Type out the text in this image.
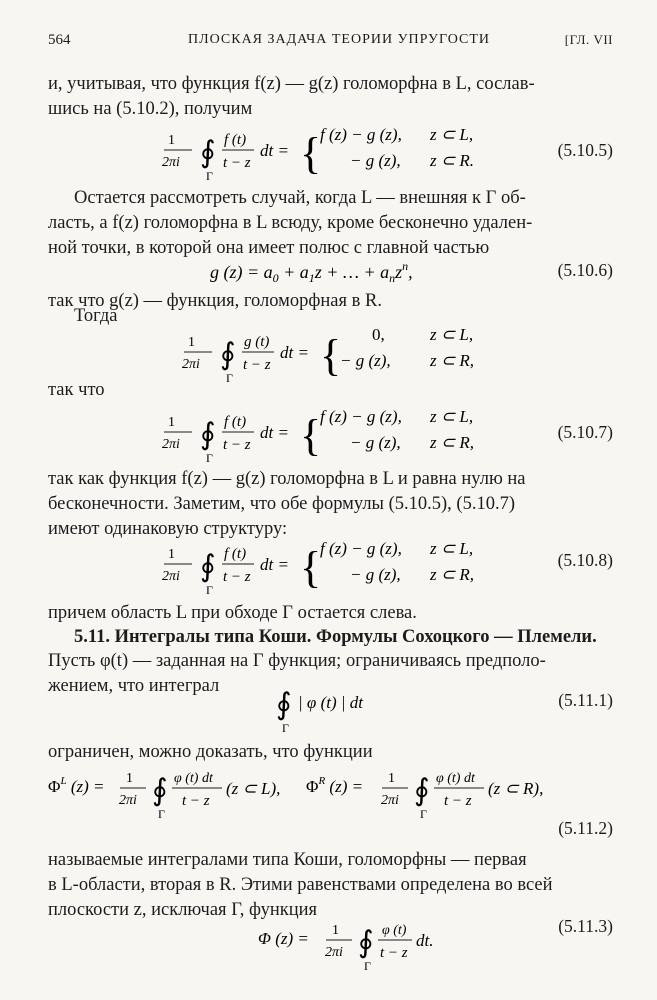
564	ПЛОСКАЯ ЗАДАЧА ТЕОРИИ УПРУГОСТИ	[ГЛ. VII
и, учитывая, что функция f(z) — g(z) голоморфна в L, сослав-
шись на (5.10.2), получим
1
2πi ∮
Γ
f (t)
t − z
dt = {
f (z) − g (z), z ⊂ L,
− g (z), z ⊂ R.
(5.10.5)
Остается рассмотреть случай, когда L — внешняя к Г об-
ласть, а f(z) голоморфна в L всюду, кроме бесконечно удален-
ной точки, в которой она имеет полюс с главной частью
g $(z) = a_0 + a_1z$ + … + $a_nz^n$,	(5.10.6)
так что g(z) — функция, голоморфная в R.
Тогда
1
2πi ∮
Γ
g (t)
t − z
dt = { 0,	z ⊂ L,
− g (z), z ⊂ R,
так что
1
2πi ∮
Γ
f (t)
t − z
dt = {
f (z) − g (z), z ⊂ L,
− g (z), z ⊂ R,
(5.10.7)
так как функция f(z) — g(z) голоморфна в L и равна нулю на
бесконечности. Заметим, что обе формулы (5.10.5), (5.10.7)
имеют одинаковую структуру:
1
2πi ∮
Γ
f (t)
t − z
dt = {
f (z) − g (z), z ⊂ L,
− g (z), z ⊂ R,
(5.10.8)
причем область L при обходе Г остается слева.
5.11. Интегралы типа Коши. Формулы Сохоцкого — Племели.
Пусть φ(t) — заданная на Г функция; ограничиваясь предполо-
жением, что интеграл
∮
Γ
| φ (t) | dt	(5.11.1)
ограничен, можно доказать, что функции
$\Phi^L$ (z) = 1
2πi ∮
Γ
φ (t) dt
t − z
(z ⊂ L), $\Phi^R$ (z) = 1
2πi ∮
Γ
φ (t) dt
t − z
(z ⊂ R),
(5.11.2)
называемые интегралами типа Коши, голоморфны — первая
в L-области, вторая в R. Этими равенствами определена во всей
плоскости z, исключая Г, функция
Φ (z) = 1
2πi ∮
Γ
φ (t)
t − z
dt.
(5.11.3)
